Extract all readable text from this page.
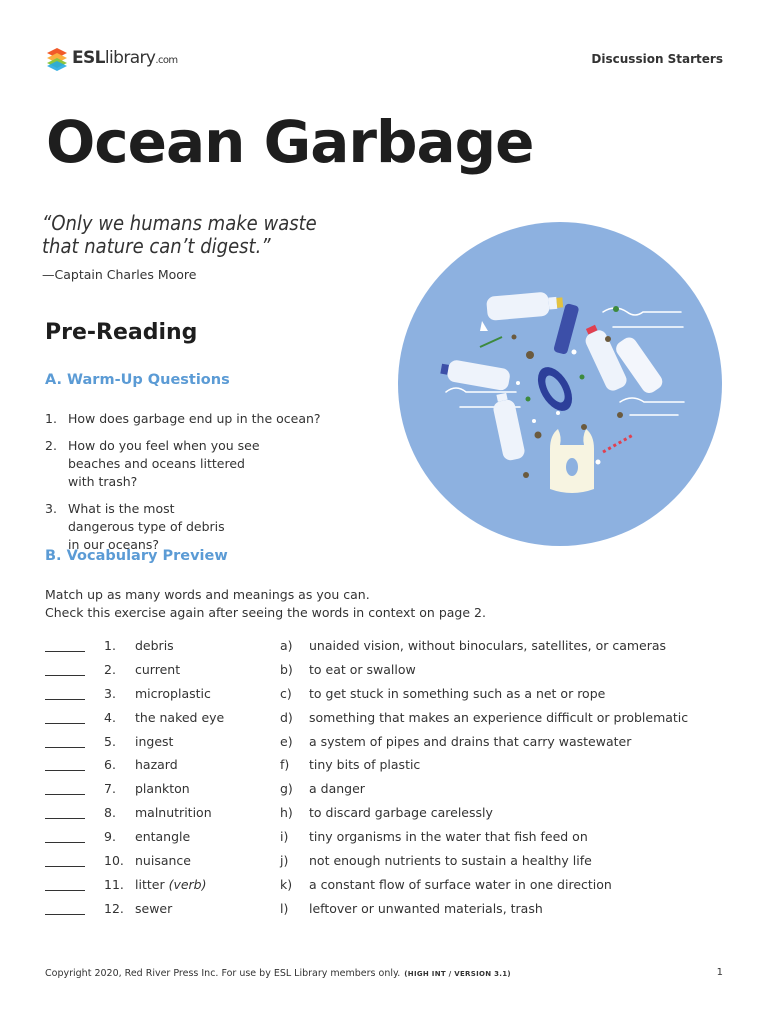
ESLlibrary.com	Discussion Starters
Ocean Garbage
“Only we humans make waste that nature can’t digest.”
—Captain Charles Moore
Pre-Reading
A. Warm-Up Questions
1. How does garbage end up in the ocean?
2. How do you feel when you see beaches and oceans littered with trash?
3. What is the most dangerous type of debris in our oceans?
B. Vocabulary Preview
Match up as many words and meanings as you can.
Check this exercise again after seeing the words in context on page 2.
1. debris	a) unaided vision, without binoculars, satellites, or cameras
2. current	b) to eat or swallow
3. microplastic	c) to get stuck in something such as a net or rope
4. the naked eye	d) something that makes an experience difficult or problematic
5. ingest	e) a system of pipes and drains that carry wastewater
6. hazard	f) tiny bits of plastic
7. plankton	g) a danger
8. malnutrition	h) to discard garbage carelessly
9. entangle	i) tiny organisms in the water that fish feed on
10. nuisance	j) not enough nutrients to sustain a healthy life
11. litter (verb)	k) a constant flow of surface water in one direction
12. sewer	l) leftover or unwanted materials, trash
Copyright 2020, Red River Press Inc. For use by ESL Library members only. (HIGH INT / VERSION 3.1)	1
